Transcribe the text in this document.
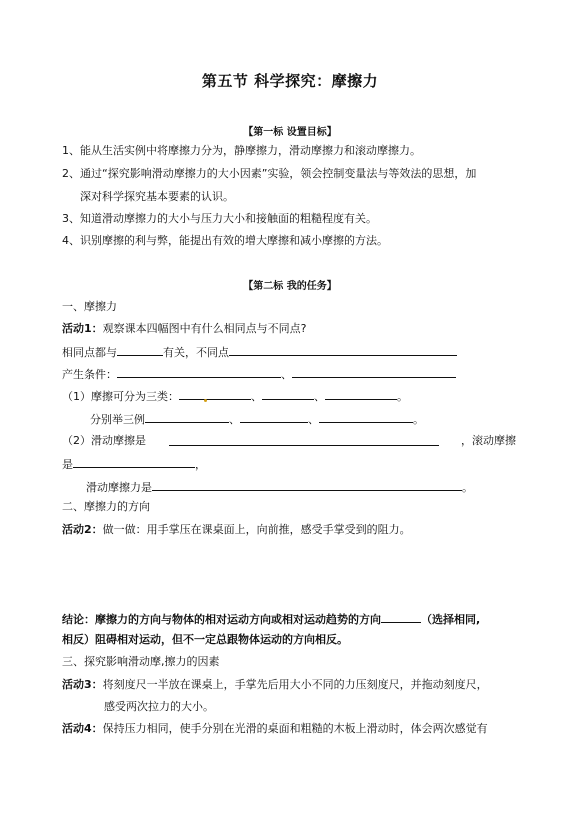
第五节 科学探究：摩擦力
【第一标 设置目标】
1、能从生活实例中将摩擦力分为，静摩擦力，滑动摩擦力和滚动摩擦力。
2、通过“探究影响滑动摩擦力的大小因素”实验，领会控制变量法与等效法的思想，加
深对科学探究基本要素的认识。
3、知道滑动摩擦力的大小与压力大小和接触面的粗糙程度有关。
4、识别摩擦的利与弊，能提出有效的增大摩擦和减小摩擦的方法。
【第二标 我的任务】
一、摩擦力
活动1：观察课本四幅图中有什么相同点与不同点?
相同点都与	有关，不同点
产生条件：	、
（1）摩擦可分为三类：	、	、	。
分别举三例	、	、	。
（2）滑动摩擦是	，滚动摩擦
是	，
滑动摩擦力是	。
二、摩擦力的方向
活动2：做一做：用手掌压在课桌面上，向前推，感受手掌受到的阻力。
结论：摩擦力的方向与物体的相对运动方向或相对运动趋势的方向	（选择相同,
相反）阻碍相对运动，但不一定总跟物体运动的方向相反。
三、探究影响滑动摩,擦力的因素
活动3：将刻度尺一半放在课桌上，手掌先后用大小不同的力压刻度尺，并拖动刻度尺，
感受两次拉力的大小。
活动4：保持压力相同，使手分别在光滑的桌面和粗糙的木板上滑动时，体会两次感觉有
